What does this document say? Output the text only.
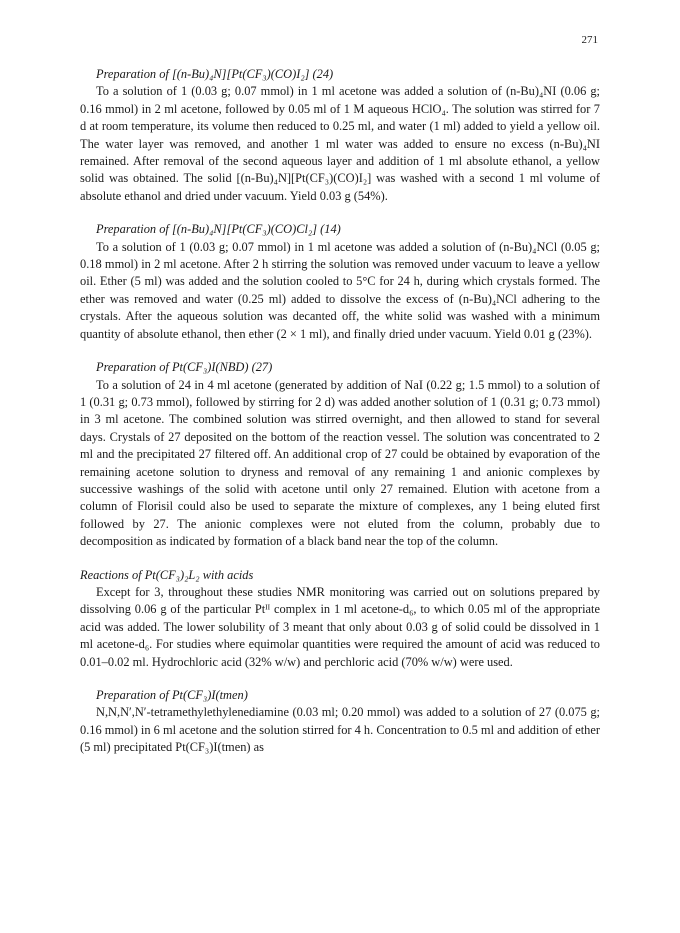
271

Preparation of [(n-Bu)₄N][Pt(CF₃)(CO)I₂] (24)

To a solution of 1 (0.03 g; 0.07 mmol) in 1 ml acetone was added a solution of (n-Bu)₄NI (0.06 g; 0.16 mmol) in 2 ml acetone, followed by 0.05 ml of 1 M aqueous HClO₄. The solution was stirred for 7 d at room temperature, its volume then reduced to 0.25 ml, and water (1 ml) added to yield a yellow oil. The water layer was removed, and another 1 ml water was added to ensure no excess (n-Bu)₄NI remained. After removal of the second aqueous layer and addition of 1 ml absolute ethanol, a yellow solid was obtained. The solid [(n-Bu)₄N][Pt(CF₃)(CO)I₂] was washed with a second 1 ml volume of absolute ethanol and dried under vacuum. Yield 0.03 g (54%).

Preparation of [(n-Bu)₄N][Pt(CF₃)(CO)Cl₂] (14)

To a solution of 1 (0.03 g; 0.07 mmol) in 1 ml acetone was added a solution of (n-Bu)₄NCl (0.05 g; 0.18 mmol) in 2 ml acetone. After 2 h stirring the solution was removed under vacuum to leave a yellow oil. Ether (5 ml) was added and the solution cooled to 5°C for 24 h, during which crystals formed. The ether was removed and water (0.25 ml) added to dissolve the excess of (n-Bu)₄NCl adhering to the crystals. After the aqueous solution was decanted off, the white solid was washed with a minimum quantity of absolute ethanol, then ether (2 × 1 ml), and finally dried under vacuum. Yield 0.01 g (23%).

Preparation of Pt(CF₃)I(NBD) (27)

To a solution of 24 in 4 ml acetone (generated by addition of NaI (0.22 g; 1.5 mmol) to a solution of 1 (0.31 g; 0.73 mmol), followed by stirring for 2 d) was added another solution of 1 (0.31 g; 0.73 mmol) in 3 ml acetone. The combined solution was stirred overnight, and then allowed to stand for several days. Crystals of 27 deposited on the bottom of the reaction vessel. The solution was concentrated to 2 ml and the precipitated 27 filtered off. An additional crop of 27 could be obtained by evaporation of the remaining acetone solution to dryness and removal of any remaining 1 and anionic complexes by successive washings of the solid with acetone until only 27 remained. Elution with acetone from a column of Florisil could also be used to separate the mixture of complexes, any 1 being eluted first followed by 27. The anionic complexes were not eluted from the column, probably due to decomposition as indicated by formation of a black band near the top of the column.

Reactions of Pt(CF₃)₂L₂ with acids

Except for 3, throughout these studies NMR monitoring was carried out on solutions prepared by dissolving 0.06 g of the particular Ptᴵᴵ complex in 1 ml acetone-d₆, to which 0.05 ml of the appropriate acid was added. The lower solubility of 3 meant that only about 0.03 g of solid could be dissolved in 1 ml acetone-d₆. For studies where equimolar quantities were required the amount of acid was reduced to 0.01–0.02 ml. Hydrochloric acid (32% w/w) and perchloric acid (70% w/w) were used.

Preparation of Pt(CF₃)I(tmen)

N,N,N′,N′-tetramethylethylenediamine (0.03 ml; 0.20 mmol) was added to a solution of 27 (0.075 g; 0.16 mmol) in 6 ml acetone and the solution stirred for 4 h. Concentration to 0.5 ml and addition of ether (5 ml) precipitated Pt(CF₃)I(tmen) as
